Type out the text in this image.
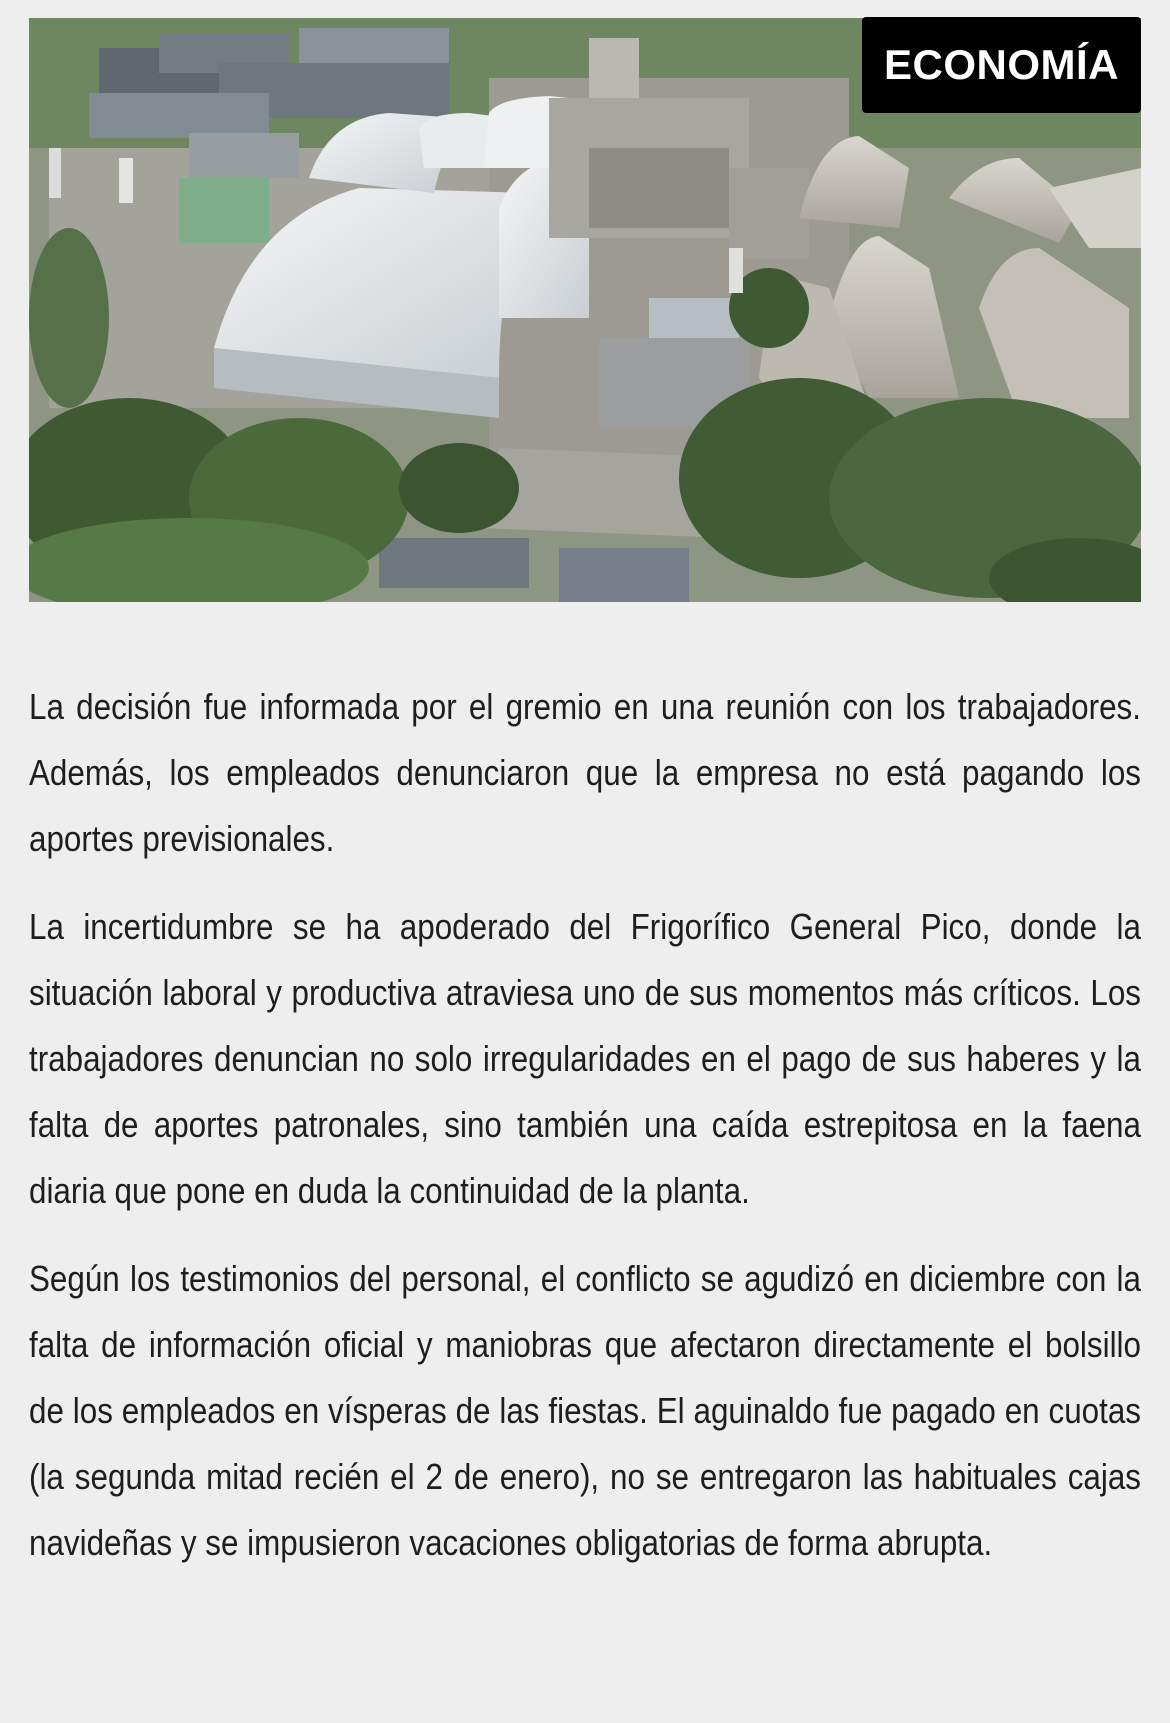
ECONOMÍA

La decisión fue informada por el gremio en una reunión con los trabajadores. Además, los empleados denunciaron que la empresa no está pagando los aportes previsionales.

La incertidumbre se ha apoderado del Frigorífico General Pico, donde la situación laboral y productiva atraviesa uno de sus momentos más críticos. Los trabajadores denuncian no solo irregularidades en el pago de sus haberes y la falta de aportes patronales, sino también una caída estrepitosa en la faena diaria que pone en duda la continuidad de la planta.

Según los testimonios del personal, el conflicto se agudizó en diciembre con la falta de información oficial y maniobras que afectaron directamente el bolsillo de los empleados en vísperas de las fiestas. El aguinaldo fue pagado en cuotas (la segunda mitad recién el 2 de enero), no se entregaron las habituales cajas navideñas y se impusieron vacaciones obligatorias de forma abrupta.
